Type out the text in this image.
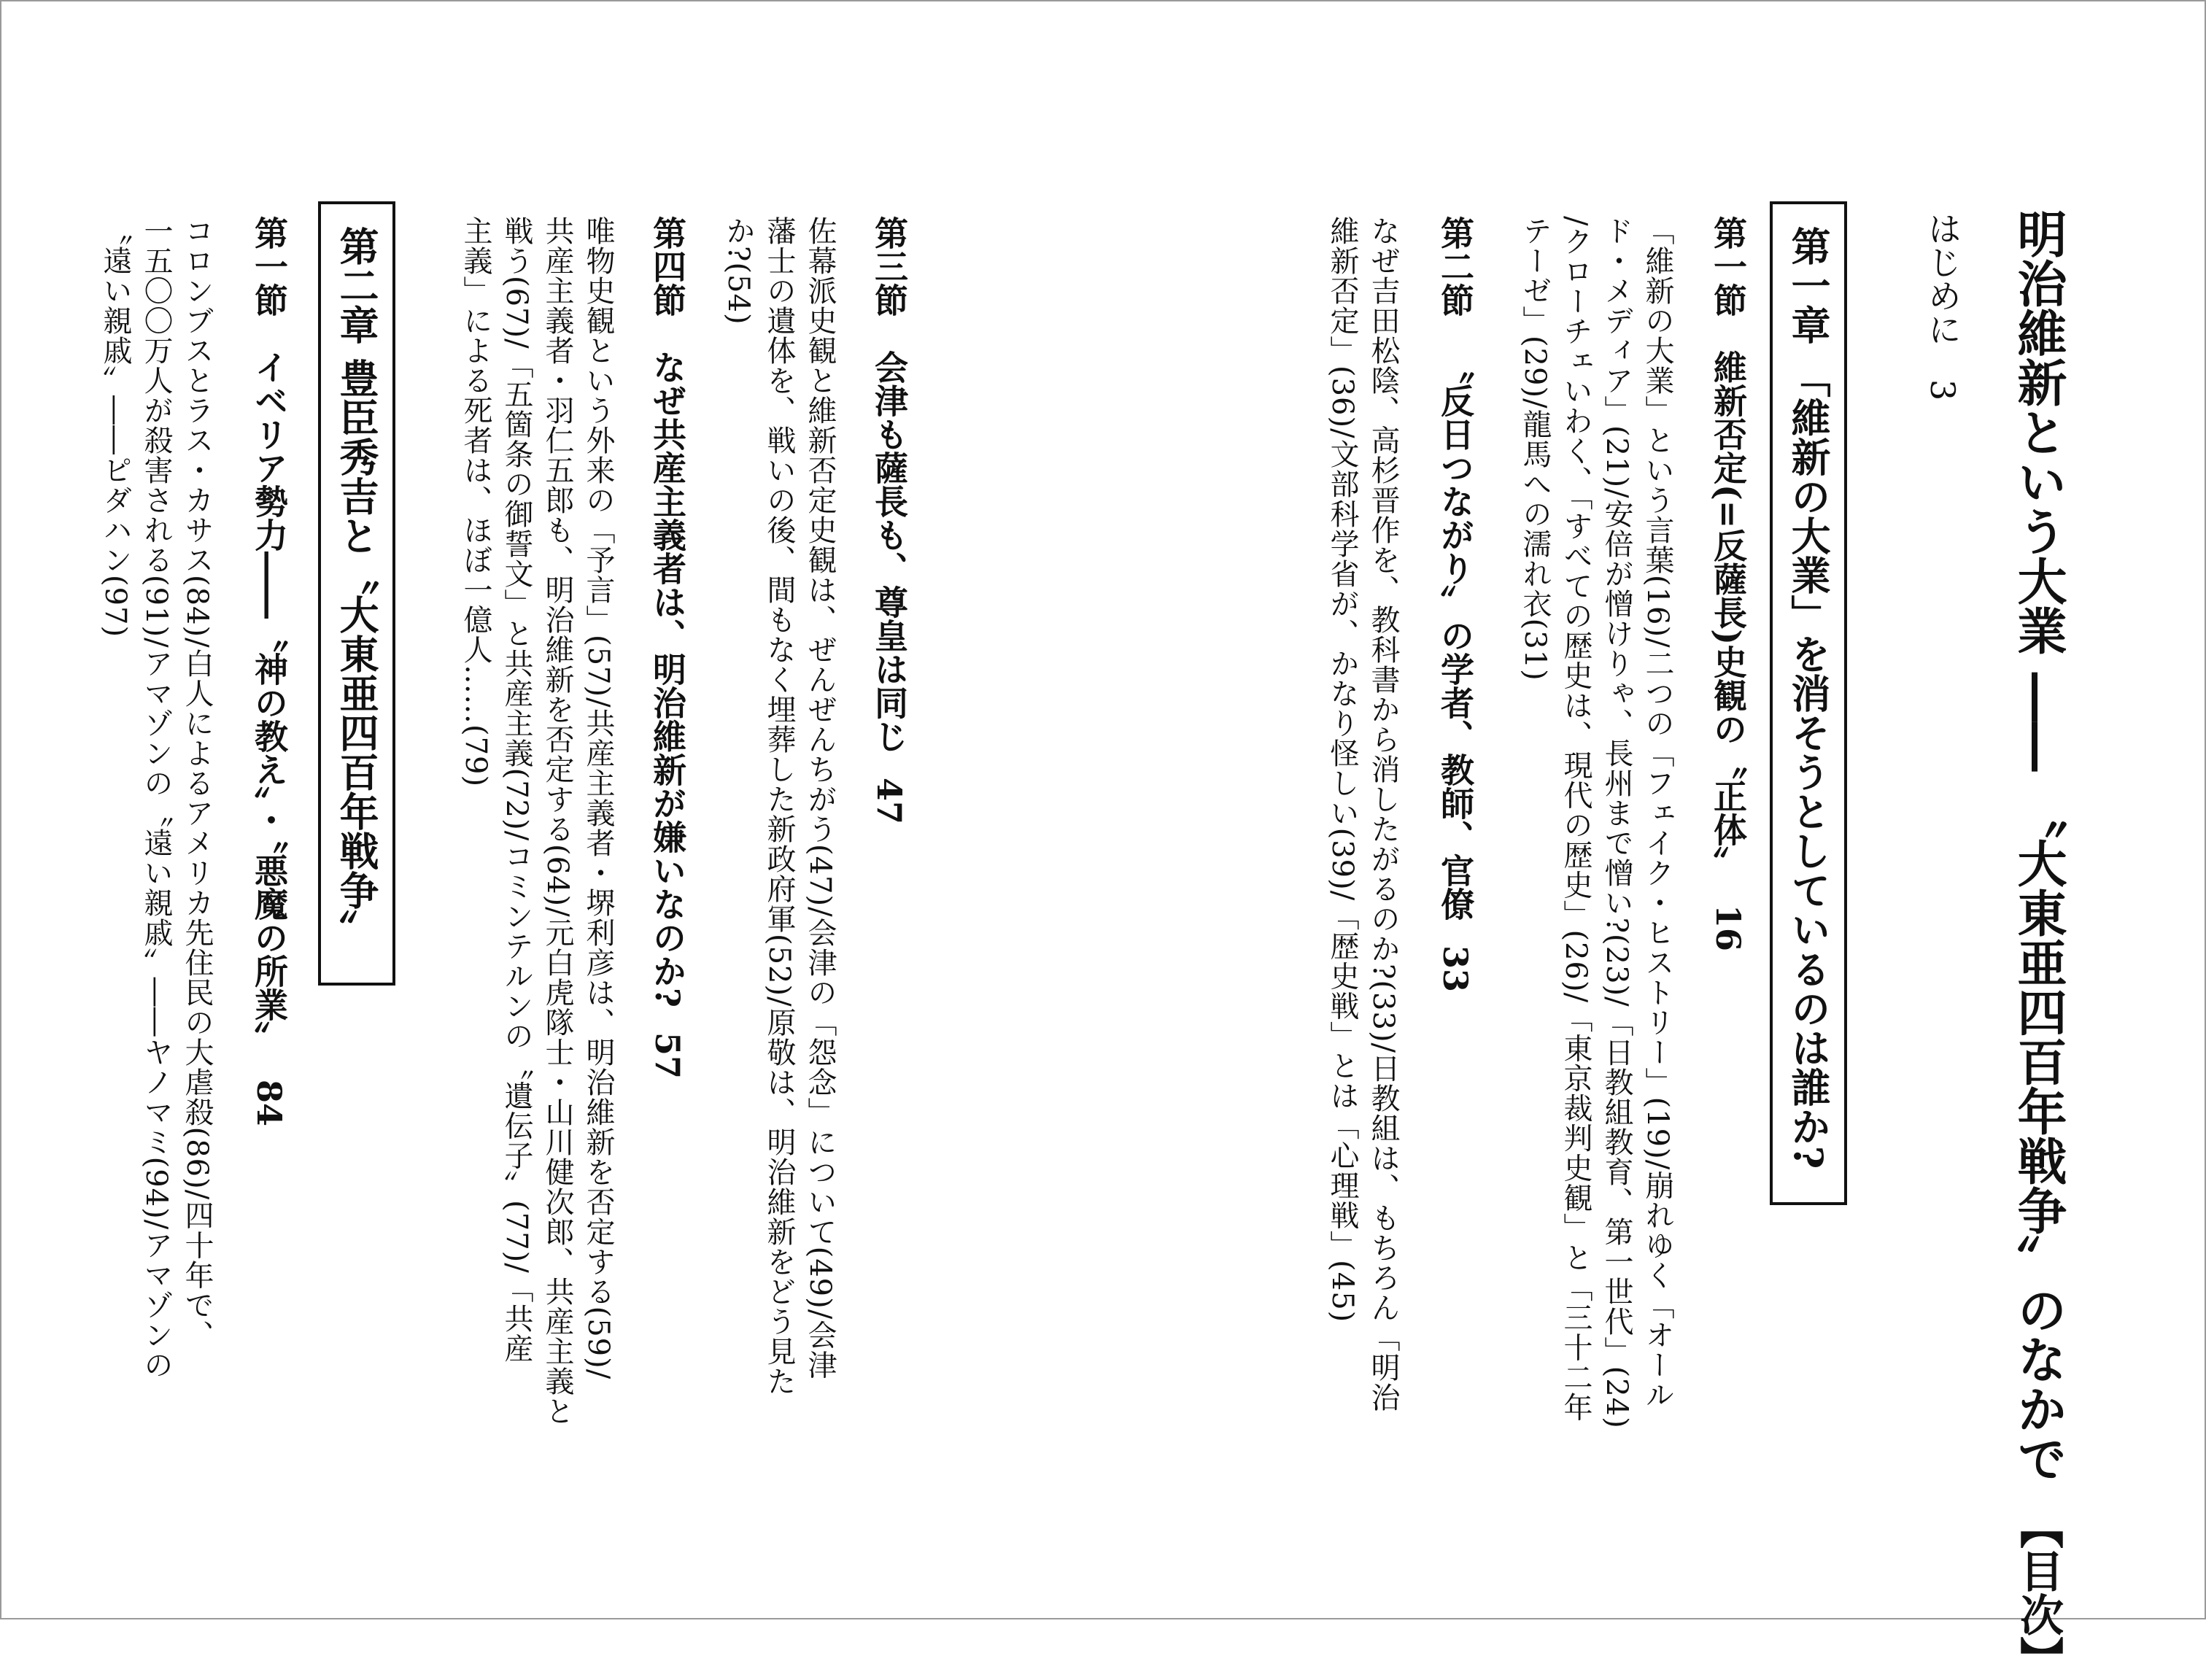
明治維新という大業 ―― 〝大東亜四百年戦争〟のなかで【目次】
はじめに3
第一章 「維新の大業」を消そうとしているのは誰か?
第一節維新否定(=反薩長)史観の〝正体〟16
「維新の大業」という言葉(16)/二つの「フェイク・ヒストリー」(19)/崩れゆく「オール
ド・メディア」(21)/安倍が憎けりゃ、長州まで憎い?(23)/「日教組教育、第一世代」(24)
/クローチェいわく、「すべての歴史は、現代の歴史」(26)/「東京裁判史観」と「三十二年
テーゼ」(29)/龍馬への濡れ衣(31)
第二節〝反日つながり〟の学者、教師、官僚33
なぜ吉田松陰、高杉晋作を、教科書から消したがるのか?(33)/日教組は、もちろん「明治
維新否定」(36)/文部科学省が、かなり怪しい(39)/「歴史戦」とは「心理戦」(45)
第三節会津も薩長も、尊皇は同じ47
佐幕派史観と維新否定史観は、ぜんぜんちがう(47)/会津の「怨念」について(49)/会津
藩士の遺体を、戦いの後、間もなく埋葬した新政府軍(52)/原敬は、明治維新をどう見た
か?(54)
第四節なぜ共産主義者は、明治維新が嫌いなのか?57
唯物史観という外来の「予言」(57)/共産主義者・堺利彦は、明治維新を否定する(59)/
共産主義者・羽仁五郎も、明治維新を否定する(64)/元白虎隊士・山川健次郎、共産主義と
戦う(67)/「五箇条の御誓文」と共産主義(72)/コミンテルンの〝遺伝子〟(77)/「共産
主義」による死者は、ほぼ一億人……(79)
第二章 豊臣秀吉と〝大東亜四百年戦争〟
第一節イベリア勢力――〝神の教え〟・〝悪魔の所業〟84
コロンブスとラス・カサス(84)/白人によるアメリカ先住民の大虐殺(86)/四十年で、
一五〇〇万人が殺害される(91)/アマゾンの〝遠い親戚〟――ヤノマミ(94)/アマゾンの
〝遠い親戚〟――ピダハン(97)
